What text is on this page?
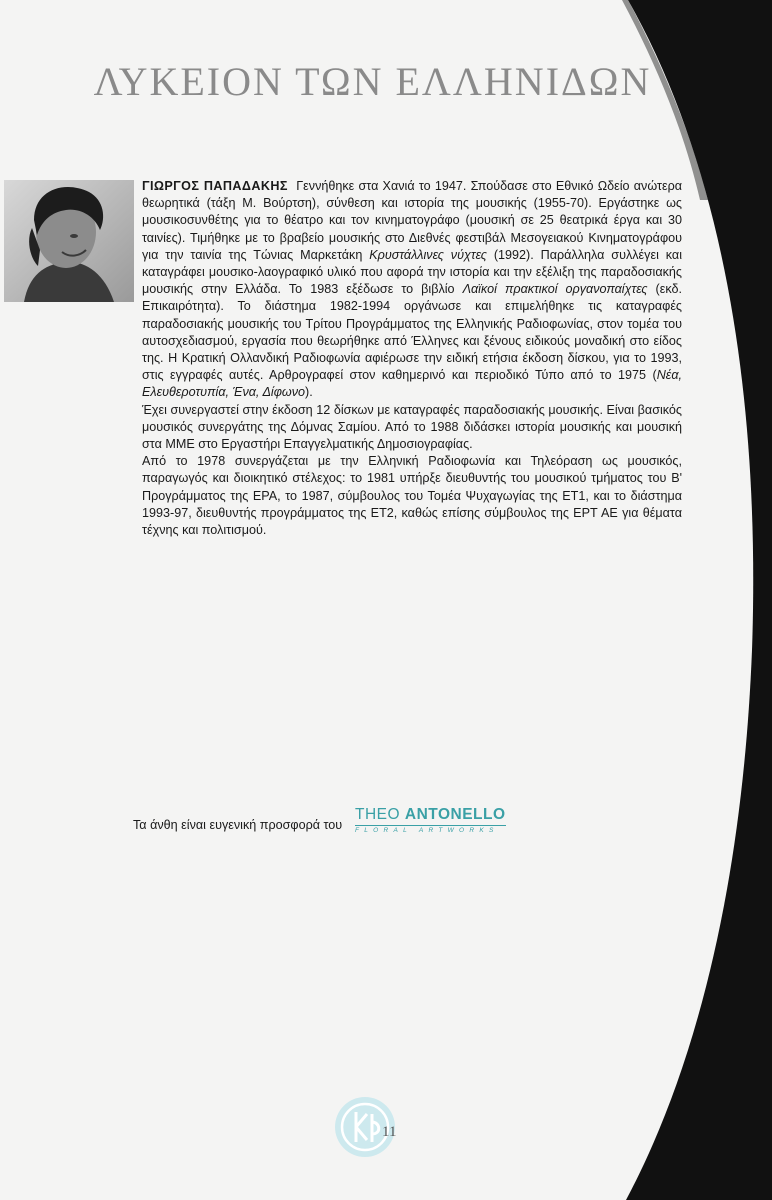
ΛΥΚΕΙΟΝ ΤΩΝ ΕΛΛΗΝΙΔΩΝ

ΓΙΩΡΓΟΣ ΠΑΠΑΔΑΚΗΣ Γεννήθηκε στα Χανιά το 1947. Σπούδασε στο Εθνικό Ωδείο ανώτερα θεωρητικά (τάξη Μ. Βούρτση), σύνθεση και ιστορία της μουσικής (1955-70). Εργάστηκε ως μουσικοσυνθέτης για το θέατρο και τον κινηματογράφο (μουσική σε 25 θεατρικά έργα και 30 ταινίες). Τιμήθηκε με το βραβείο μουσικής στο Διεθνές φεστιβάλ Μεσογειακού Κινηματογράφου για την ταινία της Τώνιας Μαρκετάκη Κρυστάλλινες νύχτες (1992). Παράλληλα συλλέγει και καταγράφει μουσικο-λαογραφικό υλικό που αφορά την ιστορία και την εξέλιξη της παραδοσιακής μουσικής στην Ελλάδα. Το 1983 εξέδωσε το βιβλίο Λαϊκοί πρακτικοί οργανοπαίχτες (εκδ. Επικαιρότητα). Το διάστημα 1982-1994 οργάνωσε και επιμελήθηκε τις καταγραφές παραδοσιακής μουσικής του Τρίτου Προγράμματος της Ελληνικής Ραδιοφωνίας, στον τομέα του αυτοσχεδιασμού, εργασία που θεωρήθηκε από Έλληνες και ξένους ειδικούς μοναδική στο είδος της. Η Κρατική Ολλανδική Ραδιοφωνία αφιέρωσε την ειδική ετήσια έκδοση δίσκου, για το 1993, στις εγγραφές αυτές. Αρθρογραφεί στον καθημερινό και περιοδικό Τύπο από το 1975 (Νέα, Ελευθεροτυπία, Ένα, Δίφωνο).

Έχει συνεργαστεί στην έκδοση 12 δίσκων με καταγραφές παραδοσιακής μουσικής. Είναι βασικός μουσικός συνεργάτης της Δόμνας Σαμίου. Από το 1988 διδάσκει ιστορία μουσικής και μουσική στα ΜΜΕ στο Εργαστήρι Επαγγελματικής Δημοσιογραφίας.

Από το 1978 συνεργάζεται με την Ελληνική Ραδιοφωνία και Τηλεόραση ως μουσικός, παραγωγός και διοικητικό στέλεχος: το 1981 υπήρξε διευθυντής του μουσικού τμήματος του Β' Προγράμματος της ΕΡΑ, το 1987, σύμβουλος του Τομέα Ψυχαγωγίας της ΕΤ1, και το διάστημα 1993-97, διευθυντής προγράμματος της ΕΤ2, καθώς επίσης σύμβουλος της ΕΡΤ ΑΕ για θέματα τέχνης και πολιτισμού.

Τα άνθη είναι ευγενική προσφορά του
THEO ANTONELLO
FLORAL ARTWORKS
11
